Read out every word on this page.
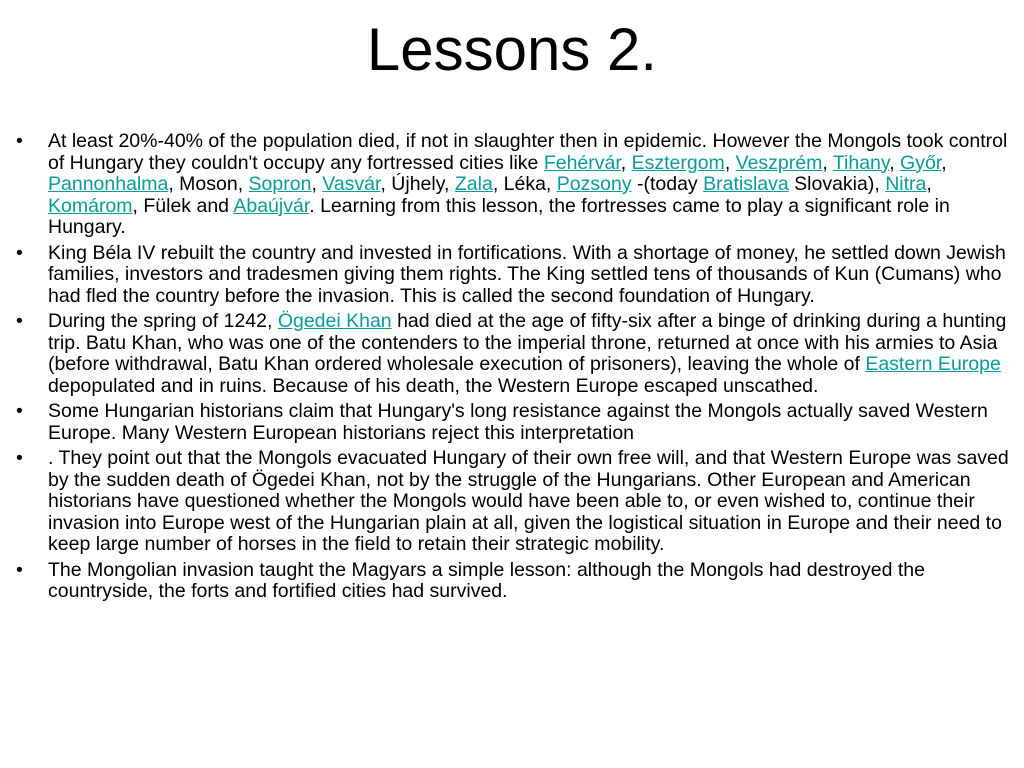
Lessons 2.
• At least 20%-40% of the population died, if not in slaughter then in epidemic. However the Mongols took control of Hungary they couldn't occupy any fortressed cities like Fehérvár, Esztergom, Veszprém, Tihany, Győr, Pannonhalma, Moson, Sopron, Vasvár, Újhely, Zala, Léka, Pozsony -(today Bratislava Slovakia), Nitra, Komárom, Fülek and Abaújvár. Learning from this lesson, the fortresses came to play a significant role in Hungary.
• King Béla IV rebuilt the country and invested in fortifications. With a shortage of money, he settled down Jewish families, investors and tradesmen giving them rights. The King settled tens of thousands of Kun (Cumans) who had fled the country before the invasion. This is called the second foundation of Hungary.
• During the spring of 1242, Ögedei Khan had died at the age of fifty-six after a binge of drinking during a hunting trip. Batu Khan, who was one of the contenders to the imperial throne, returned at once with his armies to Asia (before withdrawal, Batu Khan ordered wholesale execution of prisoners), leaving the whole of Eastern Europe depopulated and in ruins. Because of his death, the Western Europe escaped unscathed.
• Some Hungarian historians claim that Hungary's long resistance against the Mongols actually saved Western Europe. Many Western European historians reject this interpretation
• . They point out that the Mongols evacuated Hungary of their own free will, and that Western Europe was saved by the sudden death of Ögedei Khan, not by the struggle of the Hungarians. Other European and American historians have questioned whether the Mongols would have been able to, or even wished to, continue their invasion into Europe west of the Hungarian plain at all, given the logistical situation in Europe and their need to keep large number of horses in the field to retain their strategic mobility.
• The Mongolian invasion taught the Magyars a simple lesson: although the Mongols had destroyed the countryside, the forts and fortified cities had survived.
